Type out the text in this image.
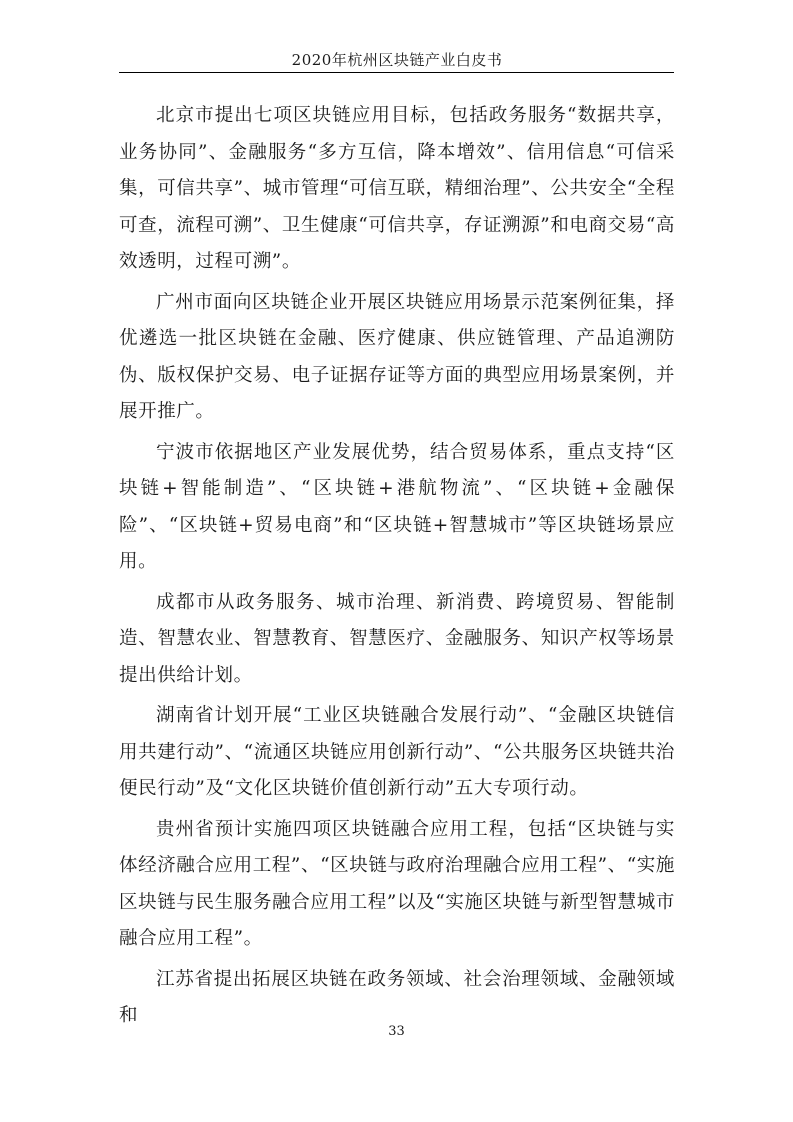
2020年杭州区块链产业白皮书

北京市提出七项区块链应用目标，包括政务服务“数据共享，业务协同”、金融服务“多方互信，降本增效”、信用信息“可信采集，可信共享”、城市管理“可信互联，精细治理”、公共安全“全程可查，流程可溯”、卫生健康“可信共享，存证溯源”和电商交易“高效透明，过程可溯”。

广州市面向区块链企业开展区块链应用场景示范案例征集，择优遴选一批区块链在金融、医疗健康、供应链管理、产品追溯防伪、版权保护交易、电子证据存证等方面的典型应用场景案例，并展开推广。

宁波市依据地区产业发展优势，结合贸易体系，重点支持“区块链+智能制造”、“区块链+港航物流”、“区块链+金融保险”、“区块链+贸易电商”和“区块链+智慧城市”等区块链场景应用。

成都市从政务服务、城市治理、新消费、跨境贸易、智能制造、智慧农业、智慧教育、智慧医疗、金融服务、知识产权等场景提出供给计划。

湖南省计划开展“工业区块链融合发展行动”、“金融区块链信用共建行动”、“流通区块链应用创新行动”、“公共服务区块链共治便民行动”及“文化区块链价值创新行动”五大专项行动。

贵州省预计实施四项区块链融合应用工程，包括“区块链与实体经济融合应用工程”、“区块链与政府治理融合应用工程”、“实施区块链与民生服务融合应用工程”以及“实施区块链与新型智慧城市融合应用工程”。

江苏省提出拓展区块链在政务领域、社会治理领域、金融领域和

33
